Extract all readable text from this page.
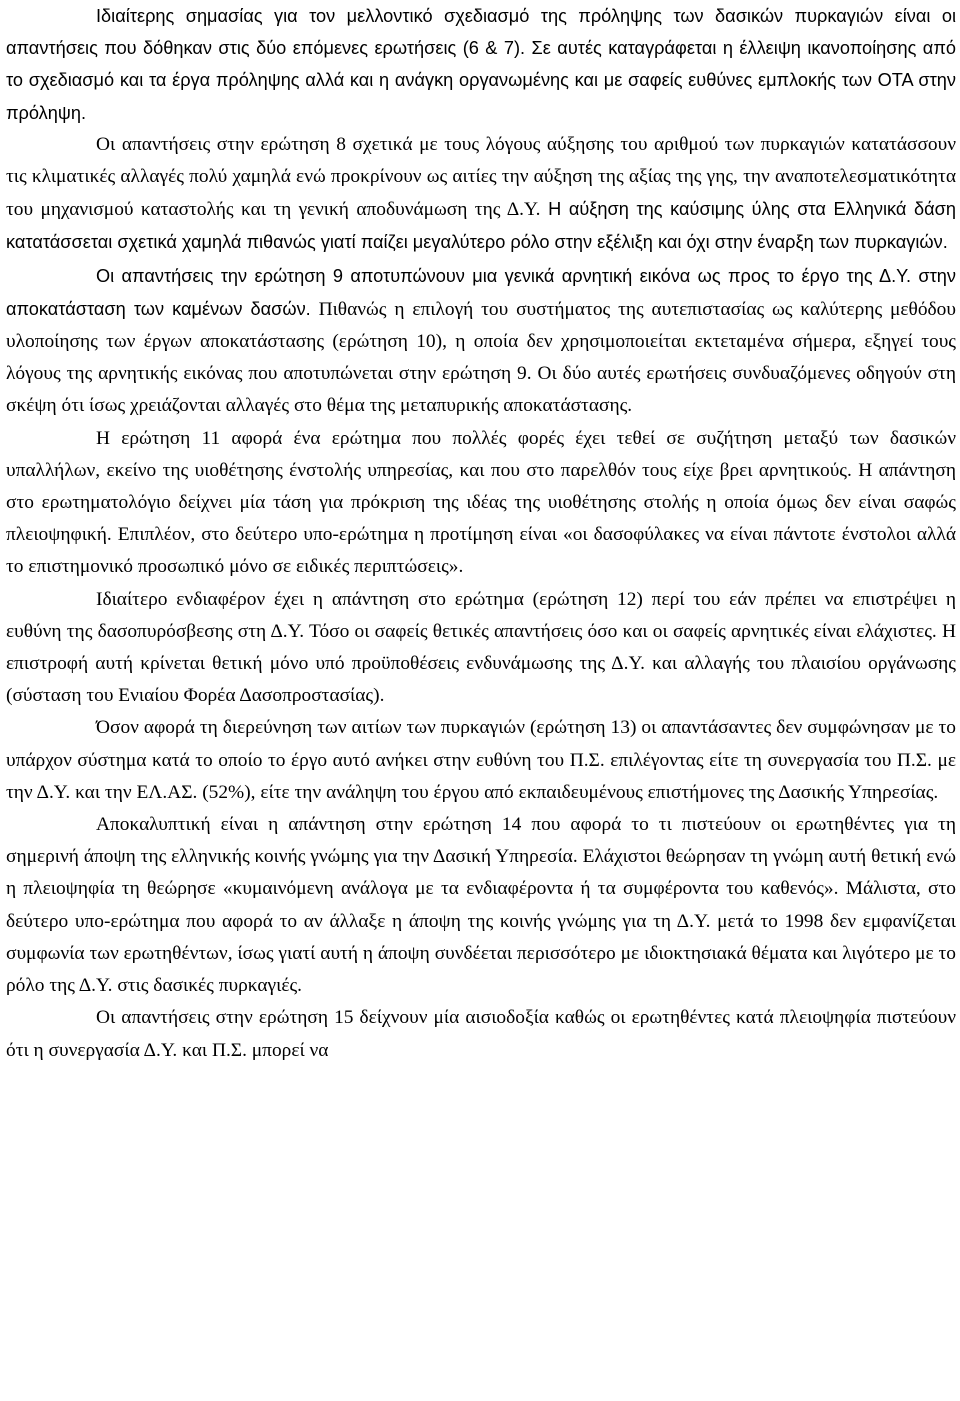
Ιδιαίτερης σημασίας για τον μελλοντικό σχεδιασμό της πρόληψης των δασικών πυρκαγιών είναι οι απαντήσεις που δόθηκαν στις δύο επόμενες ερωτήσεις (6 & 7). Σε αυτές καταγράφεται η έλλειψη ικανοποίησης από το σχεδιασμό και τα έργα πρόληψης αλλά και η ανάγκη οργανωμένης και με σαφείς ευθύνες εμπλοκής των ΟΤΑ στην πρόληψη.

Οι απαντήσεις στην ερώτηση 8 σχετικά με τους λόγους αύξησης του αριθμού των πυρκαγιών κατατάσσουν τις κλιματικές αλλαγές πολύ χαμηλά ενώ προκρίνουν ως αιτίες την αύξηση της αξίας της γης, την αναποτελεσματικότητα του μηχανισμού καταστολής και τη γενική αποδυνάμωση της Δ.Υ. Η αύξηση της καύσιμης ύλης στα Ελληνικά δάση κατατάσσεται σχετικά χαμηλά πιθανώς γιατί παίζει μεγαλύτερο ρόλο στην εξέλιξη και όχι στην έναρξη των πυρκαγιών.

Οι απαντήσεις την ερώτηση 9 αποτυπώνουν μια γενικά αρνητική εικόνα ως προς το έργο της Δ.Υ. στην αποκατάσταση των καμένων δασών. Πιθανώς η επιλογή του συστήματος της αυτεπιστασίας ως καλύτερης μεθόδου υλοποίησης των έργων αποκατάστασης (ερώτηση 10), η οποία δεν χρησιμοποιείται εκτεταμένα σήμερα, εξηγεί τους λόγους της αρνητικής εικόνας που αποτυπώνεται στην ερώτηση 9. Οι δύο αυτές ερωτήσεις συνδυαζόμενες οδηγούν στη σκέψη ότι ίσως χρειάζονται αλλαγές στο θέμα της μεταπυρικής αποκατάστασης.

Η ερώτηση 11 αφορά ένα ερώτημα που πολλές φορές έχει τεθεί σε συζήτηση μεταξύ των δασικών υπαλλήλων, εκείνο της υιοθέτησης ένστολής υπηρεσίας, και που στο παρελθόν τους είχε βρει αρνητικούς. Η απάντηση στο ερωτηματολόγιο δείχνει μία τάση για πρόκριση της ιδέας της υιοθέτησης στολής η οποία όμως δεν είναι σαφώς πλειοψηφική. Επιπλέον, στο δεύτερο υπο-ερώτημα η προτίμηση είναι «οι δασοφύλακες να είναι πάντοτε ένστολοι αλλά το επιστημονικό προσωπικό μόνο σε ειδικές περιπτώσεις».

Ιδιαίτερο ενδιαφέρον έχει η απάντηση στο ερώτημα (ερώτηση 12) περί του εάν πρέπει να επιστρέψει η ευθύνη της δασοπυρόσβεσης στη Δ.Υ. Τόσο οι σαφείς θετικές απαντήσεις όσο και οι σαφείς αρνητικές είναι ελάχιστες. Η επιστροφή αυτή κρίνεται θετική μόνο υπό προϋποθέσεις ενδυνάμωσης της Δ.Υ. και αλλαγής του πλαισίου οργάνωσης (σύσταση του Ενιαίου Φορέα Δασοπροστασίας).

Όσον αφορά τη διερεύνηση των αιτίων των πυρκαγιών (ερώτηση 13) οι απαντάσαντες δεν συμφώνησαν με το υπάρχον σύστημα κατά το οποίο το έργο αυτό ανήκει στην ευθύνη του Π.Σ. επιλέγοντας είτε τη συνεργασία του Π.Σ. με την Δ.Υ. και την ΕΛ.ΑΣ. (52%), είτε την ανάληψη του έργου από εκπαιδευμένους επιστήμονες της Δασικής Υπηρεσίας.

Αποκαλυπτική είναι η απάντηση στην ερώτηση 14 που αφορά το τι πιστεύουν οι ερωτηθέντες για τη σημερινή άποψη της ελληνικής κοινής γνώμης για την Δασική Υπηρεσία. Ελάχιστοι θεώρησαν τη γνώμη αυτή θετική ενώ η πλειοψηφία τη θεώρησε «κυμαινόμενη ανάλογα με τα ενδιαφέροντα ή τα συμφέροντα του καθενός». Μάλιστα, στο δεύτερο υπο-ερώτημα που αφορά το αν άλλαξε η άποψη της κοινής γνώμης για τη Δ.Υ. μετά το 1998 δεν εμφανίζεται συμφωνία των ερωτηθέντων, ίσως γιατί αυτή η άποψη συνδέεται περισσότερο με ιδιοκτησιακά θέματα και λιγότερο με το ρόλο της Δ.Υ. στις δασικές πυρκαγιές.

Οι απαντήσεις στην ερώτηση 15 δείχνουν μία αισιοδοξία καθώς οι ερωτηθέντες κατά πλειοψηφία πιστεύουν ότι η συνεργασία Δ.Υ. και Π.Σ. μπορεί να
